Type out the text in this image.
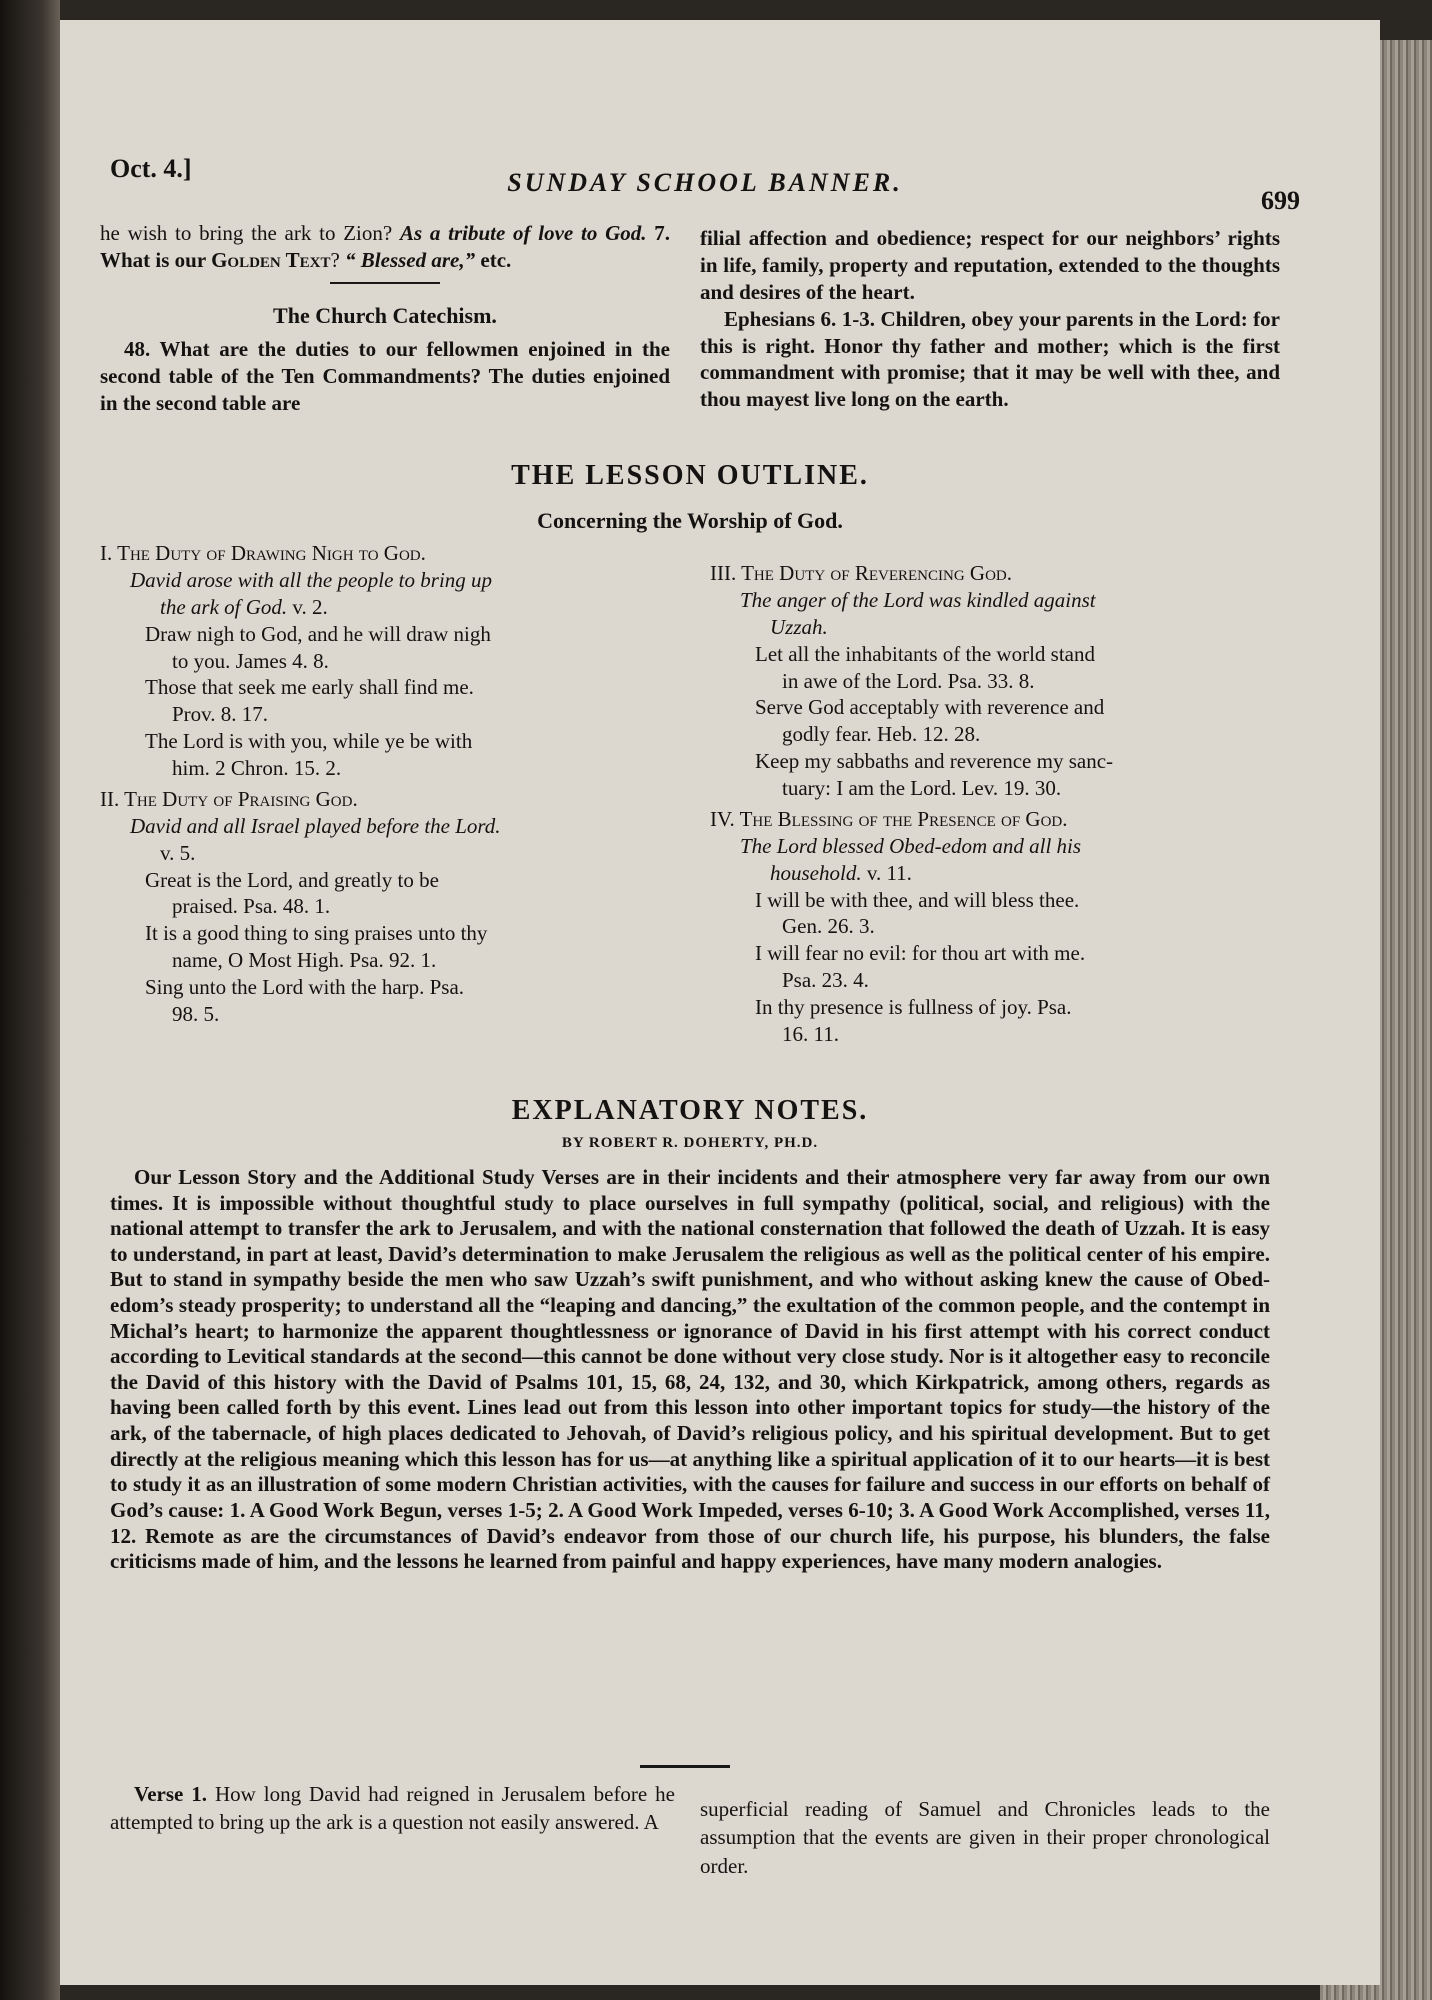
Oct. 4.]	SUNDAY SCHOOL BANNER.
699

he wish to bring the ark to Zion? As a tribute of love to God. 7. What is our Golden Text? “ Blessed are,” etc.

The Church Catechism.

48. What are the duties to our fellowmen enjoined in the second table of the Ten Commandments? The duties enjoined in the second table are

filial affection and obedience; respect for our neighbors’ rights in life, family, property and reputation, extended to the thoughts and desires of the heart.

Ephesians 6. 1-3. Children, obey your parents in the Lord: for this is right. Honor thy father and mother; which is the first commandment with promise; that it may be well with thee, and thou mayest live long on the earth.

THE LESSON OUTLINE.
Concerning the Worship of God.
I. The Duty of Drawing Nigh to God.
David arose with all the people to bring up
the ark of God. v. 2.
Draw nigh to God, and he will draw nigh
to you. James 4. 8.
Those that seek me early shall find me.
Prov. 8. 17.
The Lord is with you, while ye be with
him. 2 Chron. 15. 2.
II. The Duty of Praising God.
David and all Israel played before the Lord.
v. 5.
Great is the Lord, and greatly to be
praised. Psa. 48. 1.
It is a good thing to sing praises unto thy
name, O Most High. Psa. 92. 1.
Sing unto the Lord with the harp. Psa.
98. 5.
III. The Duty of Reverencing God.
The anger of the Lord was kindled against
Uzzah.
Let all the inhabitants of the world stand
in awe of the Lord. Psa. 33. 8.
Serve God acceptably with reverence and
godly fear. Heb. 12. 28.
Keep my sabbaths and reverence my sanc-
tuary: I am the Lord. Lev. 19. 30.
IV. The Blessing of the Presence of God.
The Lord blessed Obed-edom and all his
household. v. 11.
I will be with thee, and will bless thee.
Gen. 26. 3.
I will fear no evil: for thou art with me.
Psa. 23. 4.
In thy presence is fullness of joy. Psa.
16. 11.
EXPLANATORY NOTES.
BY ROBERT R. DOHERTY, PH.D.

Our Lesson Story and the Additional Study Verses are in their incidents and their atmosphere very far away from our own times. It is impossible without thoughtful study to place ourselves in full sympathy (political, social, and religious) with the national attempt to transfer the ark to Jerusalem, and with the national consternation that followed the death of Uzzah. It is easy to understand, in part at least, David’s determination to make Jerusalem the religious as well as the political center of his empire. But to stand in sympathy beside the men who saw Uzzah’s swift punishment, and who without asking knew the cause of Obed-edom’s steady prosperity; to understand all the “leaping and dancing,” the exultation of the common people, and the contempt in Michal’s heart; to harmonize the apparent thoughtlessness or ignorance of David in his first attempt with his correct conduct according to Levitical standards at the second—this cannot be done without very close study. Nor is it altogether easy to reconcile the David of this history with the David of Psalms 101, 15, 68, 24, 132, and 30, which Kirkpatrick, among others, regards as having been called forth by this event. Lines lead out from this lesson into other important topics for study—the history of the ark, of the tabernacle, of high places dedicated to Jehovah, of David’s religious policy, and his spiritual development. But to get directly at the religious meaning which this lesson has for us—at anything like a spiritual application of it to our hearts—it is best to study it as an illustration of some modern Christian activities, with the causes for failure and success in our efforts on behalf of God’s cause: 1. A Good Work Begun, verses 1-5; 2. A Good Work Impeded, verses 6-10; 3. A Good Work Accomplished, verses 11, 12. Remote as are the circumstances of David’s endeavor from those of our church life, his purpose, his blunders, the false criticisms made of him, and the lessons he learned from painful and happy experiences, have many modern analogies.

Verse 1. How long David had reigned in Jerusalem before he attempted to bring up the ark is a question not easily answered. A

superficial reading of Samuel and Chronicles leads to the assumption that the events are given in their proper chronological order.
